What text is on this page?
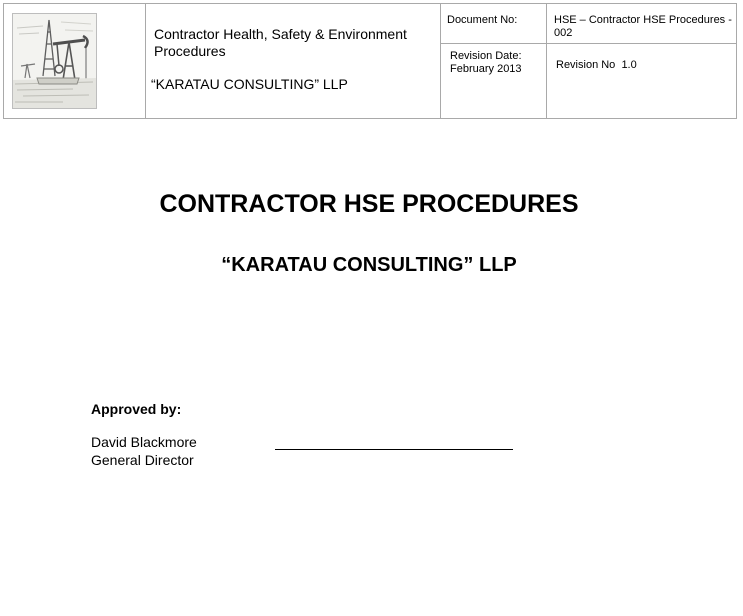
Contractor Health, Safety & Environment Procedures
“KARATAU CONSULTING” LLP
Document No:	HSE – Contractor HSE Procedures - 002
Revision Date:
February 2013	Revision No 1.0
CONTRACTOR HSE PROCEDURES
“KARATAU CONSULTING” LLP
Approved by:
David Blackmore
General Director
